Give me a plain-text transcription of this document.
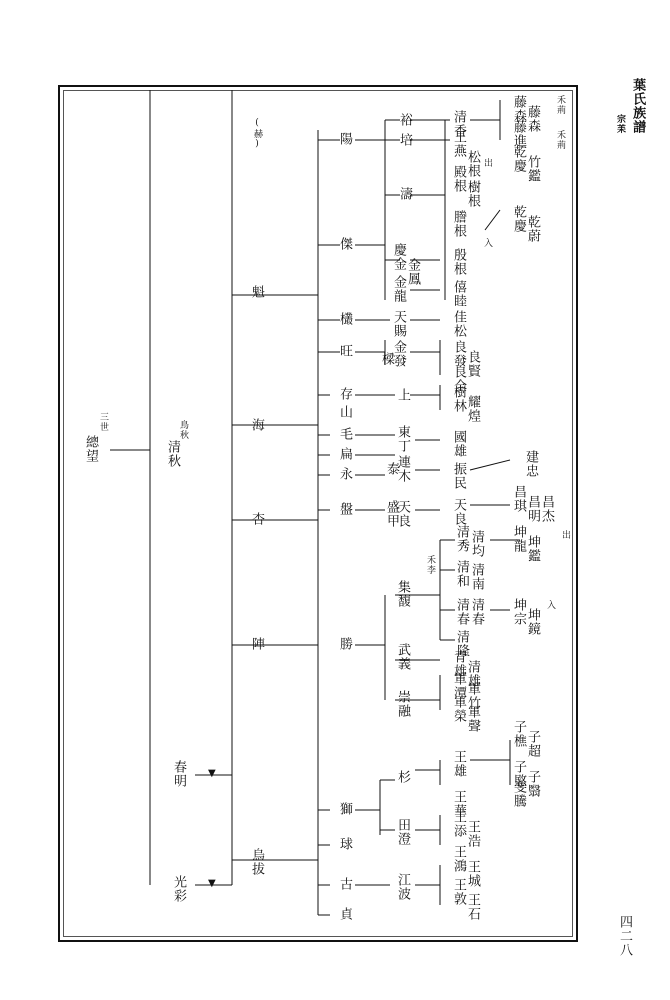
宗苿 葉氏族譜
四二八
總望
三世
清秋
鳥秋
春明 ▼
光彩 ▼
(赫)
魁
海
杏
陣
烏拔
陽
傑
欉
旺
存
山
毛
扁
永
盤
勝
貞
古
球
獅
裕
培
濤
慶金
金鳳
金龍
天賜
金發
樑
上
東丁
連木
泰
天良
盛甲
集馥
清秀
清和
清春
武義	清隆
崇融
杉
田澄
江波
清香
王燕
松根
殿根
樹根
謄根
殷根
僖睦
佳松
良發 良賢
良全
樹林 耀煌
國雄
振民
天良
清均
清南
清春
青雄 清雄
軍潭 軍竹
軍榮 軍聲
王雄
王華
王添 王浩
王鴻
王城
王敦
王石
藤森 藤森
藤進
乾慶 竹鑑
乾慶 乾蔚
建忠
昌琪 昌明 昌杰
坤龍 坤鑑
坤宗 坤鏡
子樵 子超
子愍 子翳
斐騰
出
入
出
入
禾荊
禾荊
禾李
